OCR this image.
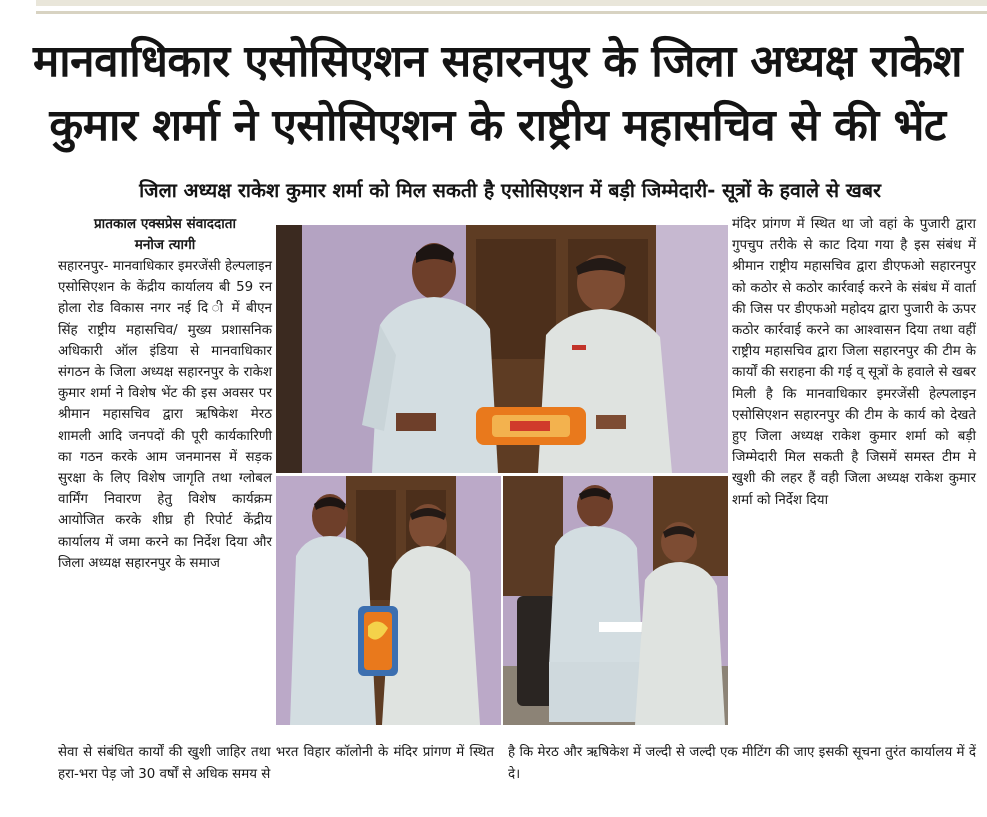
मानवाधिकार एसोसिएशन सहारनपुर के जिला अध्यक्ष राकेश
कुमार शर्मा ने एसोसिएशन के राष्ट्रीय महासचिव से की भेंट
जिला अध्यक्ष राकेश कुमार शर्मा को मिल सकती है एसोसिएशन में बड़ी जिम्मेदारी- सूत्रों के हवाले से खबर
प्रातकाल एक्सप्रेस संवाददाता
मनोज त्यागी
सहारनपुर- मानवाधिकार इमरजेंसी हेल्पलाइन एसोसिएशन के केंद्रीय कार्यालय बी 59 रन होला रोड विकास नगर नई दि ी में बीएन सिंह राष्ट्रीय महासचिव/ मुख्य प्रशासनिक अधिकारी ऑल इंडिया से मानवाधिकार संगठन के जिला अध्यक्ष सहारनपुर के राकेश कुमार शर्मा ने विशेष भेंट की इस अवसर पर श्रीमान महासचिव द्वारा ऋषिकेश मेरठ शामली आदि जनपदों की पूरी कार्यकारिणी का गठन करके आम जनमानस में सड़क सुरक्षा के लिए विशेष जागृति तथा ग्लोबल वार्मिंग निवारण हेतु विशेष कार्यक्रम आयोजित करके शीघ्र ही रिपोर्ट केंद्रीय कार्यालय में जमा करने का निर्देश दिया और जिला अध्यक्ष सहारनपुर के समाज
मंदिर प्रांगण में स्थित था जो वहां के पुजारी द्वारा गुपचुप तरीके से काट दिया गया है इस संबंध में श्रीमान राष्ट्रीय महासचिव द्वारा डीएफओ सहारनपुर को कठोर से कठोर कार्रवाई करने के संबंध में वार्ता की जिस पर डीएफओ महोदय द्वारा पुजारी के ऊपर कठोर कार्रवाई करने का आश्वासन दिया तथा वहीं राष्ट्रीय महासचिव द्वारा जिला सहारनपुर की टीम के कार्यों की सराहना की गई व् सूत्रों के हवाले से खबर मिली है कि मानवाधिकार इमरजेंसी हेल्पलाइन एसोसिएशन सहारनपुर की टीम के कार्य को देखते हुए जिला अध्यक्ष राकेश कुमार शर्मा को बड़ी जिम्मेदारी मिल सकती है जिसमें समस्त टीम मे खुशी की लहर हैं वही जिला अध्यक्ष राकेश कुमार शर्मा को निर्देश दिया
सेवा से संबंधित कार्यों की खुशी जाहिर तथा भरत विहार कॉलोनी के मंदिर प्रांगण में स्थित हरा-भरा पेड़ जो 30 वर्षों से अधिक समय से
है कि मेरठ और ऋषिकेश में जल्दी से जल्दी एक मीटिंग की जाए इसकी सूचना तुरंत कार्यालय में दें दे।
